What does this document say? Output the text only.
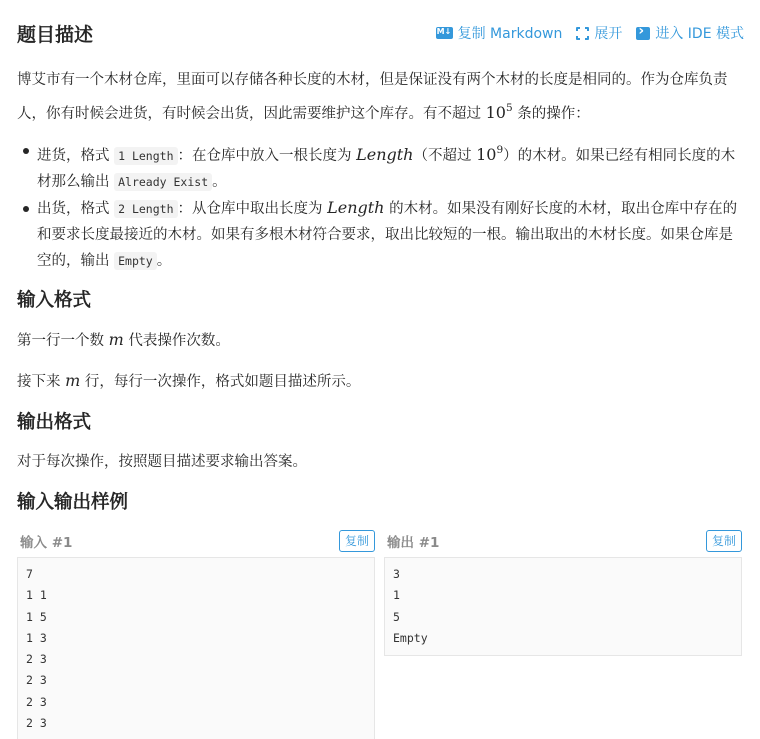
题目描述 M↓	复制 Markdown 展开 › 进入 IDE 模式

博艾市有一个木材仓库，里面可以存储各种长度的木材，但是保证没有两个木材的长度是相同的。作为仓库负责人，你有时候会进货，有时候会出货，因此需要维护这个库存。有不超过 $10^5$ 条的操作：

进货，格式 1 Length ：在仓库中放入一根长度为 Length（不超过 $10^9$）的木材。如果已经有相同长度的木材那么输出 Already Exist 。
出货，格式 2 Length ：从仓库中取出长度为 Length 的木材。如果没有刚好长度的木材，取出仓库中存在的和要求长度最接近的木材。如果有多根木材符合要求，取出比较短的一根。输出取出的木材长度。如果仓库是空的，输出 Empty 。
输入格式

第一行一个数 m 代表操作次数。

接下来 m 行，每行一次操作，格式如题目描述所示。

输出格式

对于每次操作，按照题目描述要求输出答案。

输入输出样例
输入 #1	复制
7
1 1
1 5
1 3
2 3
2 3
2 3
2 3
输出 #1	复制
3
1
5
Empty
